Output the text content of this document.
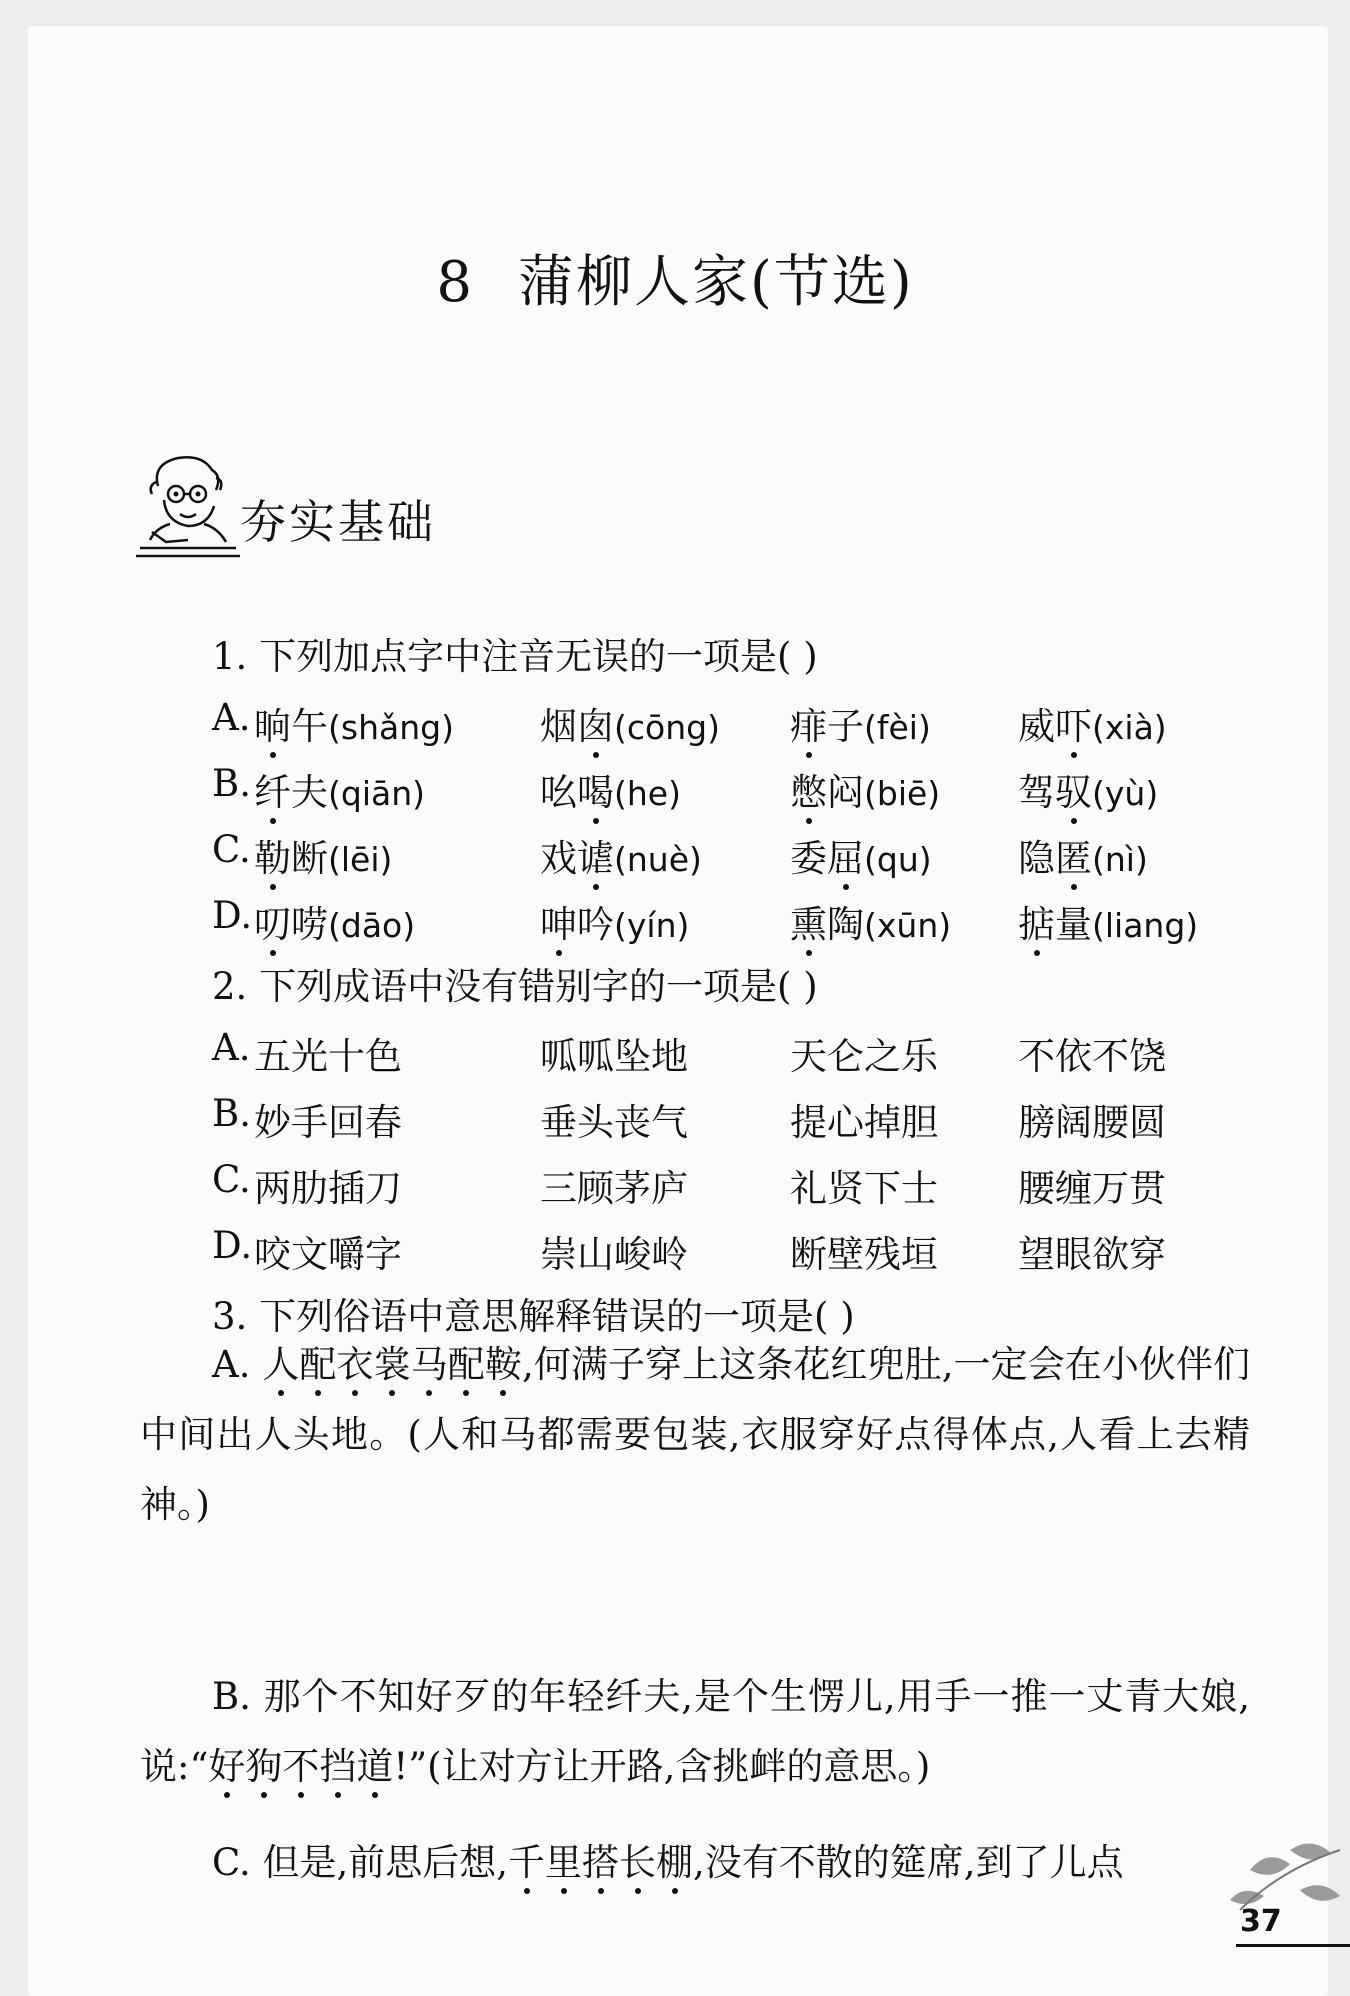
8 蒲柳人家(节选)
夯实基础
1. 下列加点字中注音无误的一项是( )
A. 晌午(shǎng) 烟囱(cōng) 痱子(fèi) 威吓(xià)
B. 纤夫(qiān)	吆喝(he)	憋闷(biē) 驾驭(yù)
C. 勒断(lēi)	戏谑(nuè) 委屈(qu) 隐匿(nì)
D. 叨唠(dāo)	呻吟(yín)	熏陶(xūn) 掂量(liang)
2. 下列成语中没有错别字的一项是( )
A. 五光十色	呱呱坠地	天仑之乐 不依不饶
B. 妙手回春	垂头丧气	提心掉胆 膀阔腰圆
C. 两肋插刀	三顾茅庐	礼贤下士 腰缠万贯
D. 咬文嚼字	崇山峻岭	断壁残垣 望眼欲穿
3. 下列俗语中意思解释错误的一项是( )
A. 人配衣裳马配鞍,何满子穿上这条花红兜肚,一定会在小伙伴们中间出人头地。(人和马都需要包装,衣服穿好点得体点,人看上去精神。)
B. 那个不知好歹的年轻纤夫,是个生愣儿,用手一推一丈青大娘,说:“好狗不挡道!”(让对方让开路,含挑衅的意思。)
C. 但是,前思后想,千里搭长棚,没有不散的筵席,到了儿点
37
